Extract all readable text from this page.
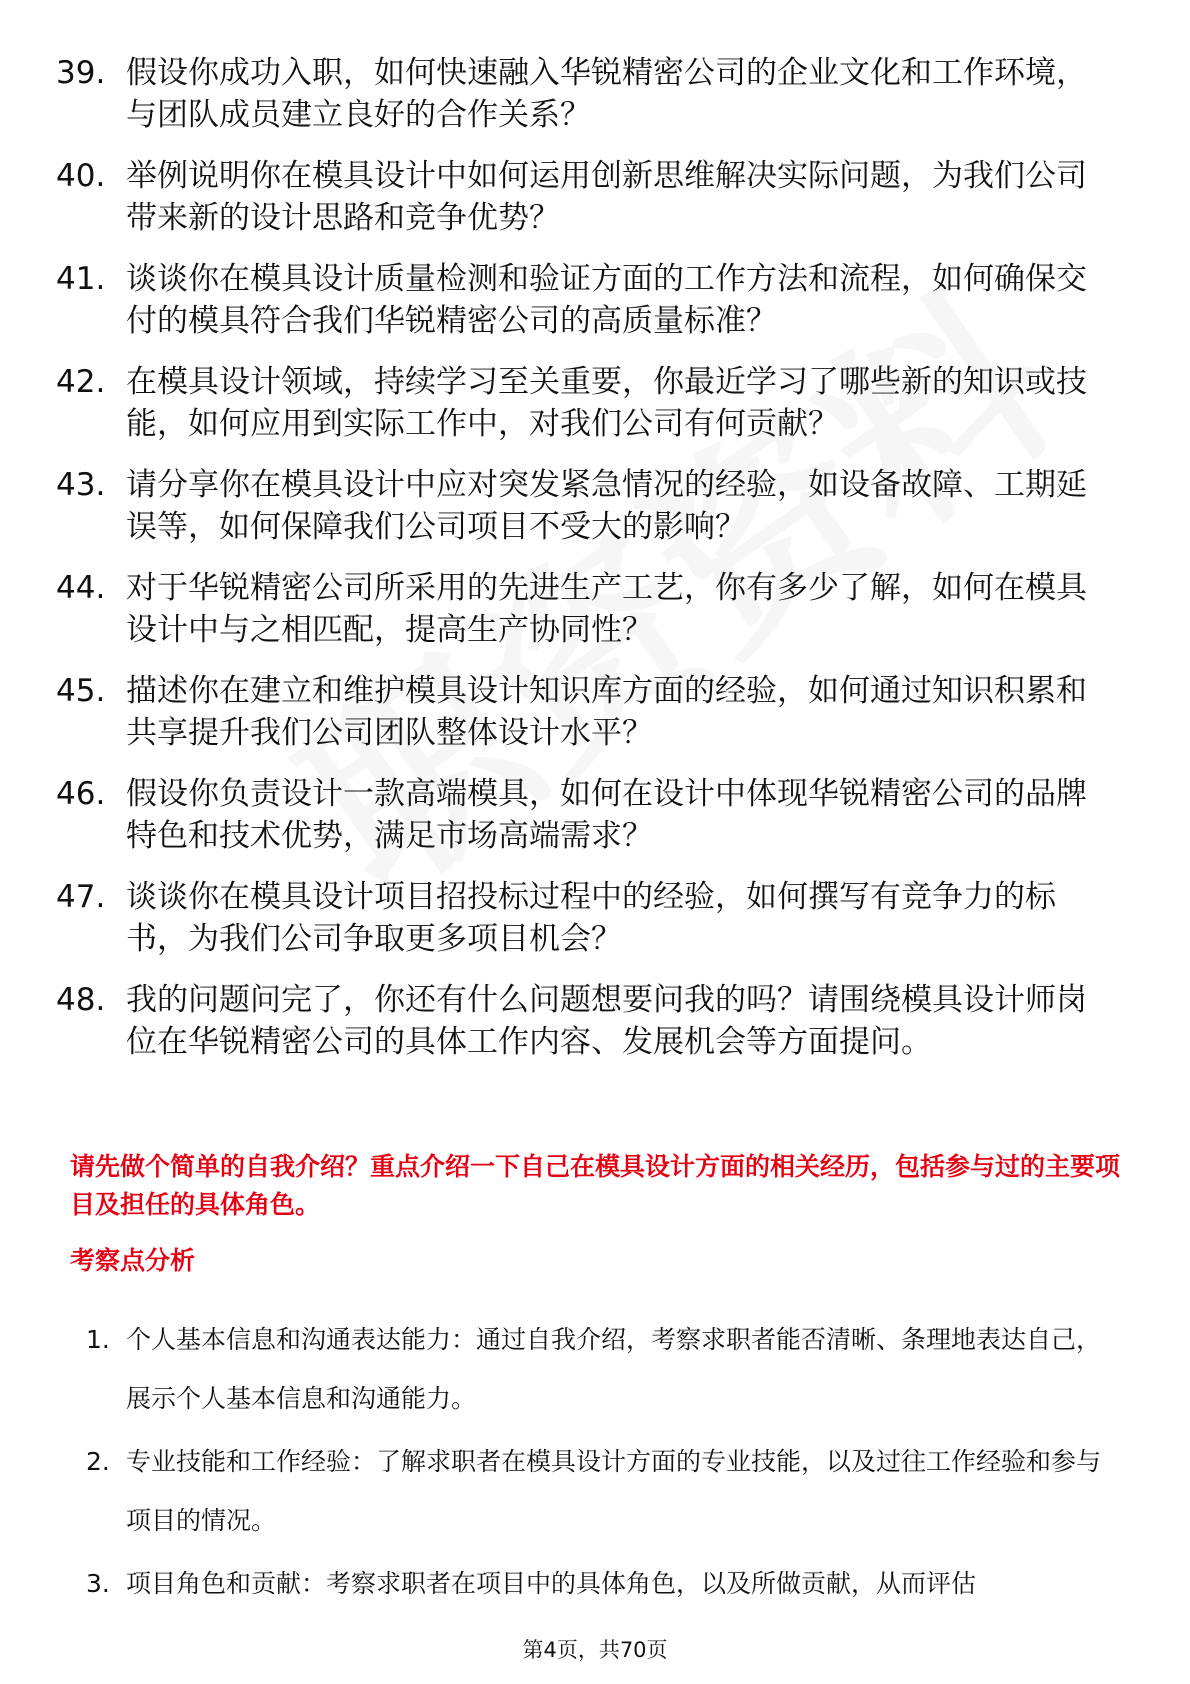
39. 假设你成功入职，如何快速融入华锐精密公司的企业文化和工作环境，与团队成员建立良好的合作关系？
40. 举例说明你在模具设计中如何运用创新思维解决实际问题，为我们公司带来新的设计思路和竞争优势？
41. 谈谈你在模具设计质量检测和验证方面的工作方法和流程，如何确保交付的模具符合我们华锐精密公司的高质量标准？
42. 在模具设计领域，持续学习至关重要，你最近学习了哪些新的知识或技能，如何应用到实际工作中，对我们公司有何贡献？
43. 请分享你在模具设计中应对突发紧急情况的经验，如设备故障、工期延误等，如何保障我们公司项目不受大的影响？
44. 对于华锐精密公司所采用的先进生产工艺，你有多少了解，如何在模具设计中与之相匹配，提高生产协同性？
45. 描述你在建立和维护模具设计知识库方面的经验，如何通过知识积累和共享提升我们公司团队整体设计水平？
46. 假设你负责设计一款高端模具，如何在设计中体现华锐精密公司的品牌特色和技术优势，满足市场高端需求？
47. 谈谈你在模具设计项目招投标过程中的经验，如何撰写有竞争力的标书，为我们公司争取更多项目机会？
48. 我的问题问完了，你还有什么问题想要问我的吗？请围绕模具设计师岗位在华锐精密公司的具体工作内容、发展机会等方面提问。

请先做个简单的自我介绍？重点介绍一下自己在模具设计方面的相关经历，包括参与过的主要项目及担任的具体角色。

考察点分析

1. 个人基本信息和沟通表达能力：通过自我介绍，考察求职者能否清晰、条理地表达自己，展示个人基本信息和沟通能力。
2. 专业技能和工作经验：了解求职者在模具设计方面的专业技能，以及过往工作经验和参与项目的情况。
3. 项目角色和贡献：考察求职者在项目中的具体角色，以及所做贡献，从而评估
第4页，共70页
